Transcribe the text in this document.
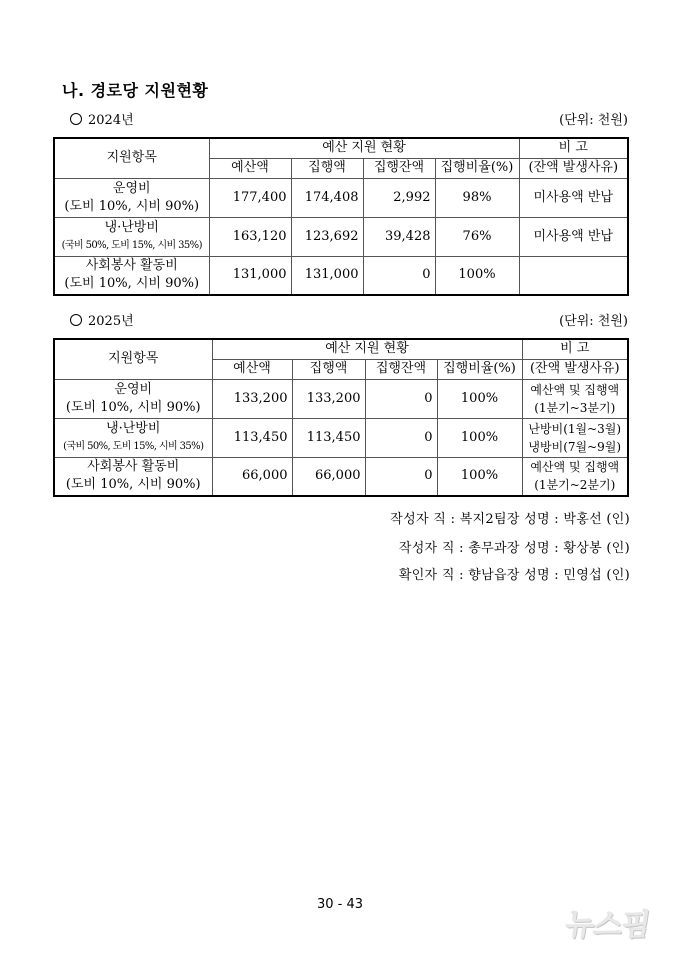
나. 경로당 지원현황
2024년	(단위: 천원)
지원항목	예산 지원 현황				비 고
	예산액	집행액	집행잔액	집행비율(%)	(잔액 발생사유)

운영비
(도비 10%, 시비 90%)	177,400	174,408	2,992	98%	미사용액 반납

냉·난방비
(국비 50%, 도비 15%, 시비 35%)	163,120	123,692	39,428	76%	미사용액 반납

사회봉사 활동비
(도비 10%, 시비 90%)	131,000	131,000	0	100%	
2025년	(단위: 천원)
지원항목	예산 지원 현황				비 고
	예산액	집행액	집행잔액	집행비율(%)	(잔액 발생사유)

운영비
(도비 10%, 시비 90%)	133,200	133,200	0	100%	예산액 및 집행액
(1분기~3분기)

냉·난방비
(국비 50%, 도비 15%, 시비 35%)	113,450	113,450	0	100%	난방비(1월~3월)
냉방비(7월~9월)

사회봉사 활동비
(도비 10%, 시비 90%)	66,000	66,000	0	100%	예산액 및 집행액
(1분기~2분기)
작성자 직 : 복지2팀장 성명 : 박홍선 (인)
작성자 직 : 총무과장 성명 : 황상봉 (인)
확인자 직 : 향남읍장 성명 : 민영섭 (인)
30 - 43
뉴스핌
